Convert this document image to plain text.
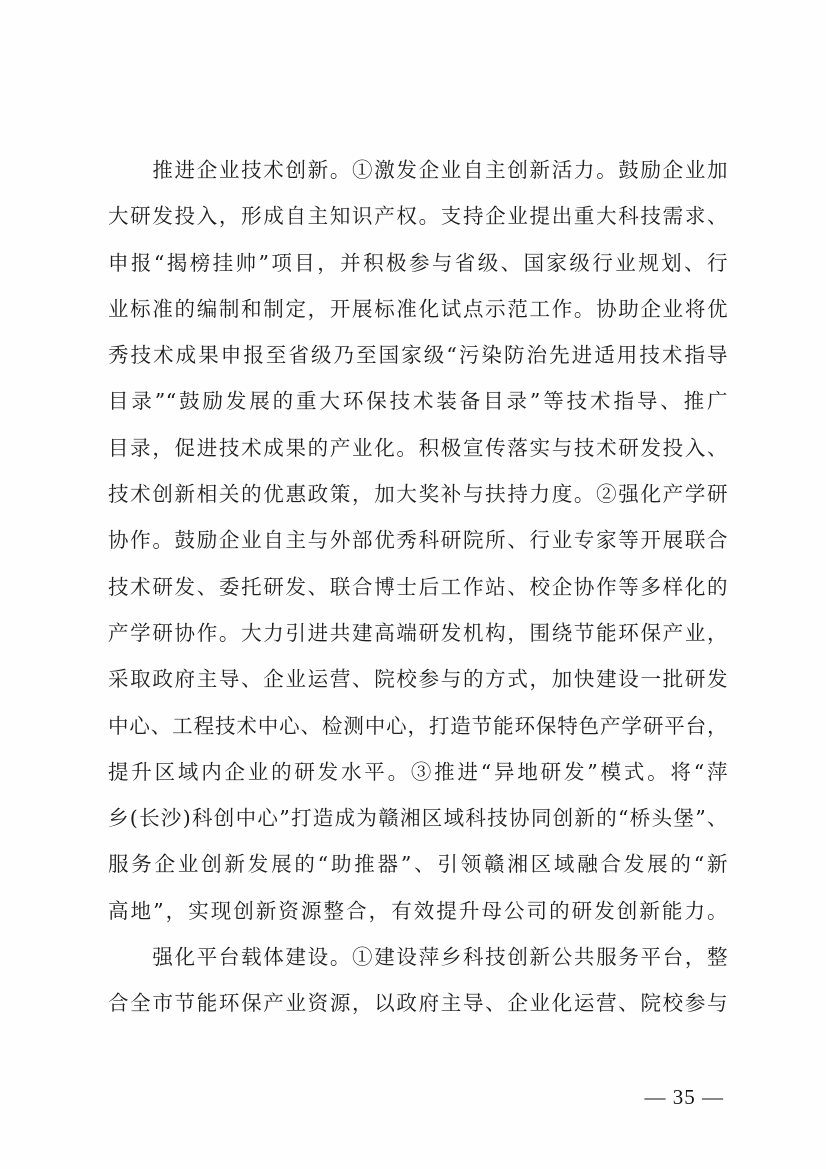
　　推进企业技术创新。①激发企业自主创新活力。鼓励企业加
大研发投入，形成自主知识产权。支持企业提出重大科技需求、
申报“揭榜挂帅”项目，并积极参与省级、国家级行业规划、行
业标准的编制和制定，开展标准化试点示范工作。协助企业将优
秀技术成果申报至省级乃至国家级“污染防治先进适用技术指导
目录”“鼓励发展的重大环保技术装备目录”等技术指导、推广
目录，促进技术成果的产业化。积极宣传落实与技术研发投入、
技术创新相关的优惠政策，加大奖补与扶持力度。②强化产学研
协作。鼓励企业自主与外部优秀科研院所、行业专家等开展联合
技术研发、委托研发、联合博士后工作站、校企协作等多样化的
产学研协作。大力引进共建高端研发机构，围绕节能环保产业，
采取政府主导、企业运营、院校参与的方式，加快建设一批研发
中心、工程技术中心、检测中心，打造节能环保特色产学研平台，
提升区域内企业的研发水平。③推进“异地研发”模式。将“萍
乡(长沙)科创中心”打造成为赣湘区域科技协同创新的“桥头堡”、
服务企业创新发展的“助推器”、引领赣湘区域融合发展的“新
高地”，实现创新资源整合，有效提升母公司的研发创新能力。
　　强化平台载体建设。①建设萍乡科技创新公共服务平台，整
合全市节能环保产业资源，以政府主导、企业化运营、院校参与
— 35 —
